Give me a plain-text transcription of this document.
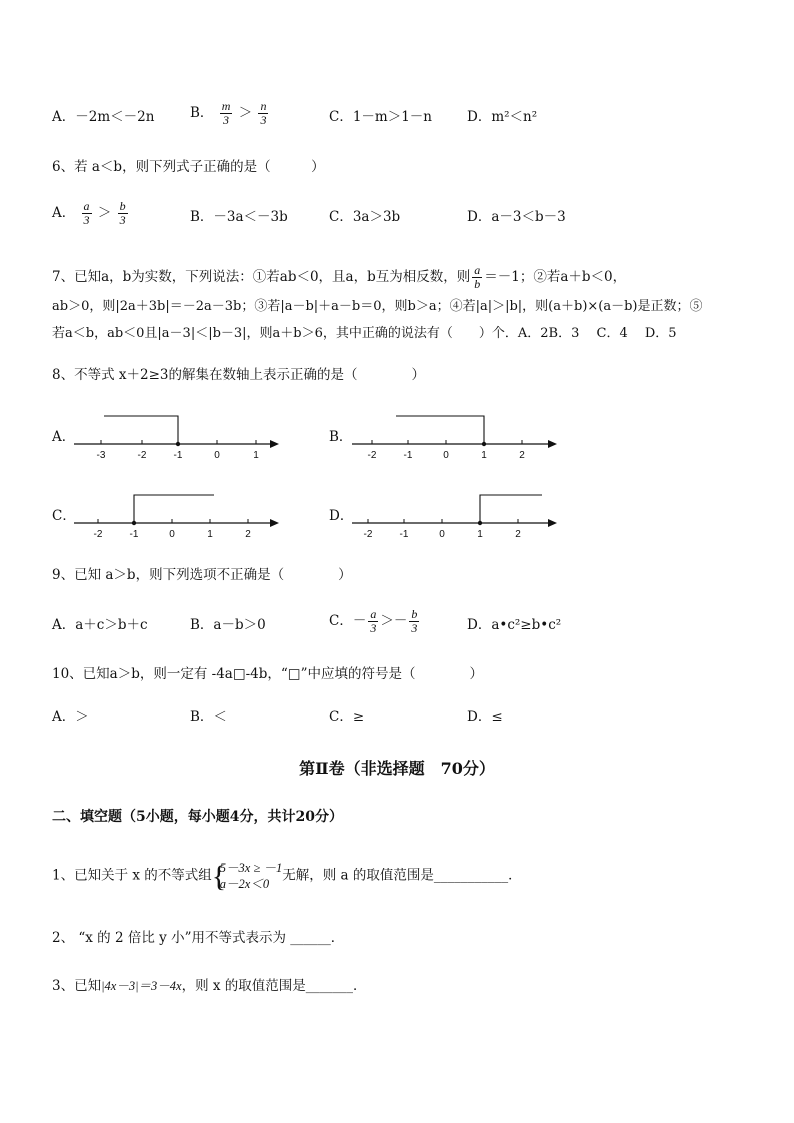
A．－2m＜－2n	B． $\frac{m}{3} > \frac{n}{3}$	C．1－m＞1－n	D．m²＜n²
6、若 a＜b，则下列式子正确的是（　　　）
A． $\frac{a}{3} > \frac{b}{3}$	B．－3a＜－3b	C．3a＞3b	D．a－3＜b－3
7、已知a，b为实数，下列说法：①若ab＜0，且a，b互为相反数，则 $\frac{a}{b} =-1$；②若a＋b＜0，
ab＞0，则|2a＋3b|＝－2a－3b；③若|a－b|＋a－b＝0，则b＞a；④若|a|＞|b|，则(a＋b)×(a－b)是正数；⑤
若a＜b，ab＜0且|a－3|＜|b－3|，则a＋b＞6，其中正确的说法有（　　）个．A．2B．3　 C．4　 D．5
8、不等式 x＋2≥3的解集在数轴上表示正确的是（　　　　）
A．
-3	-2	-1	0	1
B．
-2	-1	0	1	2
C．
-2	-1	0	1	2
D．
-2	-1	0	1	2
9、已知 a＞b，则下列选项不正确是（　　　　）
A．a＋c＞b＋c	B．a－b＞0	C．－ $\frac{a}{3} >- \frac{b}{3}$	D．a•c²≥b•c²
10、已知a＞b，则一定有 -4a□-4b，“□”中应填的符号是（　　　　）
A．＞	B．＜	C．≥	D．≤
第Ⅱ卷（非选择题　70分）
二、填空题（5小题，每小题4分，共计20分）
1、已知关于 x 的不等式组 {
5－3x ≥ －1
a－2x＜0
无解，则 a 的取值范围是___________．
2、 “x 的 2 倍比 y 小”用不等式表示为 ______．
3、已知|4x－3|＝3－4x，则 x 的取值范围是_______．
